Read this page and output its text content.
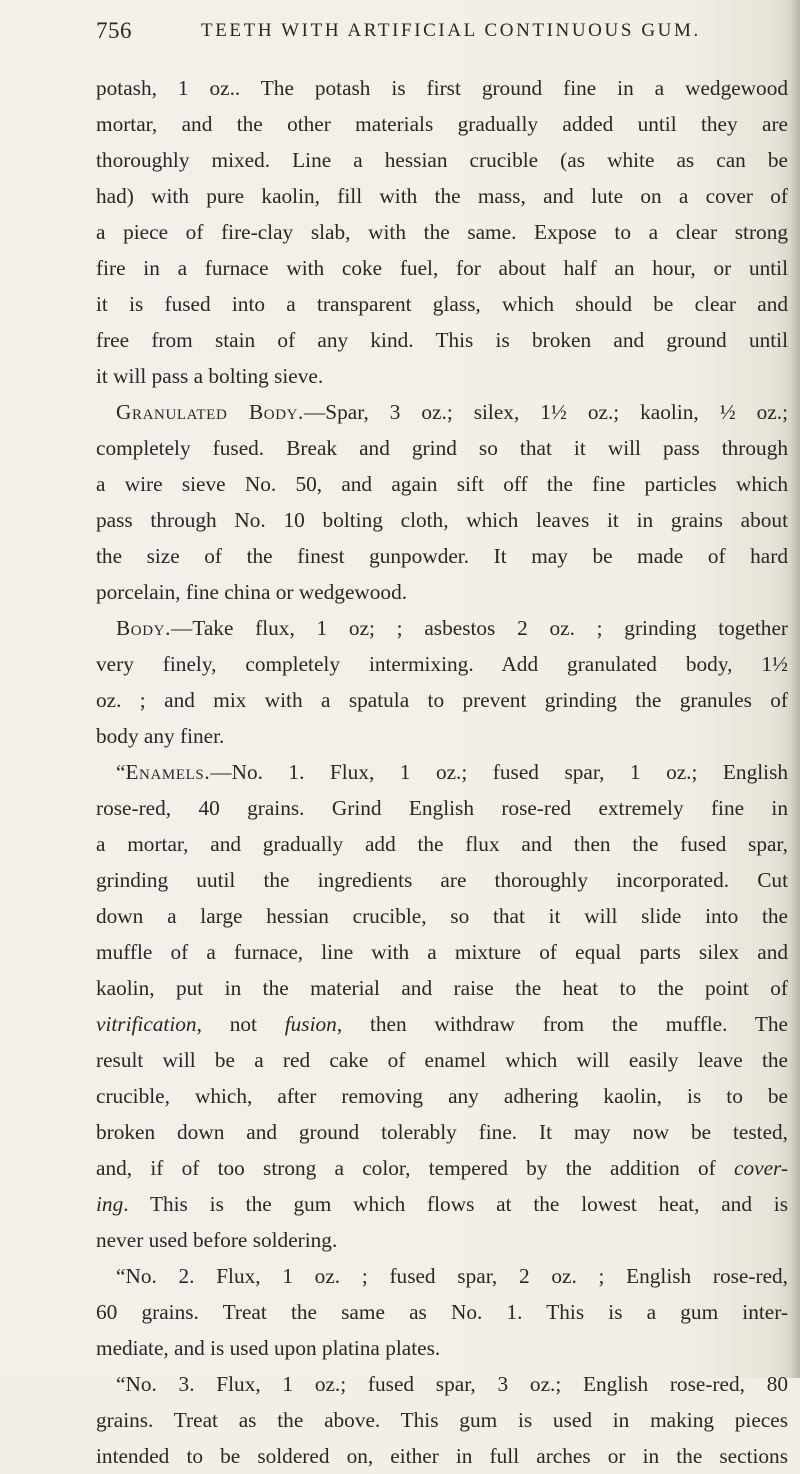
756	TEETH WITH ARTIFICIAL CONTINUOUS GUM.
potash, 1 oz.. The potash is first ground fine in a wedgewood
mortar, and the other materials gradually added until they are
thoroughly mixed. Line a hessian crucible (as white as can be
had) with pure kaolin, fill with the mass, and lute on a cover of
a piece of fire-clay slab, with the same. Expose to a clear strong
fire in a furnace with coke fuel, for about half an hour, or until
it is fused into a transparent glass, which should be clear and
free from stain of any kind. This is broken and ground until
it will pass a bolting sieve.
Granulated Body.—Spar, 3 oz.; silex, 1½ oz.; kaolin, ½ oz.;
completely fused. Break and grind so that it will pass through
a wire sieve No. 50, and again sift off the fine particles which
pass through No. 10 bolting cloth, which leaves it in grains about
the size of the finest gunpowder. It may be made of hard
porcelain, fine china or wedgewood.
Body.—Take flux, 1 oz; ; asbestos 2 oz. ; grinding together
very finely, completely intermixing. Add granulated body, 1½
oz. ; and mix with a spatula to prevent grinding the granules of
body any finer.
“Enamels.—No. 1. Flux, 1 oz.; fused spar, 1 oz.; English
rose-red, 40 grains. Grind English rose-red extremely fine in
a mortar, and gradually add the flux and then the fused spar,
grinding uutil the ingredients are thoroughly incorporated. Cut
down a large hessian crucible, so that it will slide into the
muffle of a furnace, line with a mixture of equal parts silex and
kaolin, put in the material and raise the heat to the point of
vitrification, not fusion, then withdraw from the muffle. The
result will be a red cake of enamel which will easily leave the
crucible, which, after removing any adhering kaolin, is to be
broken down and ground tolerably fine. It may now be tested,
and, if of too strong a color, tempered by the addition of cover-
ing. This is the gum which flows at the lowest heat, and is
never used before soldering.
“No. 2. Flux, 1 oz. ; fused spar, 2 oz. ; English rose-red,
60 grains. Treat the same as No. 1. This is a gum inter-
mediate, and is used upon platina plates.
“No. 3. Flux, 1 oz.; fused spar, 3 oz.; English rose-red, 80
grains. Treat as the above. This gum is used in making pieces
intended to be soldered on, either in full arches or in the sections
